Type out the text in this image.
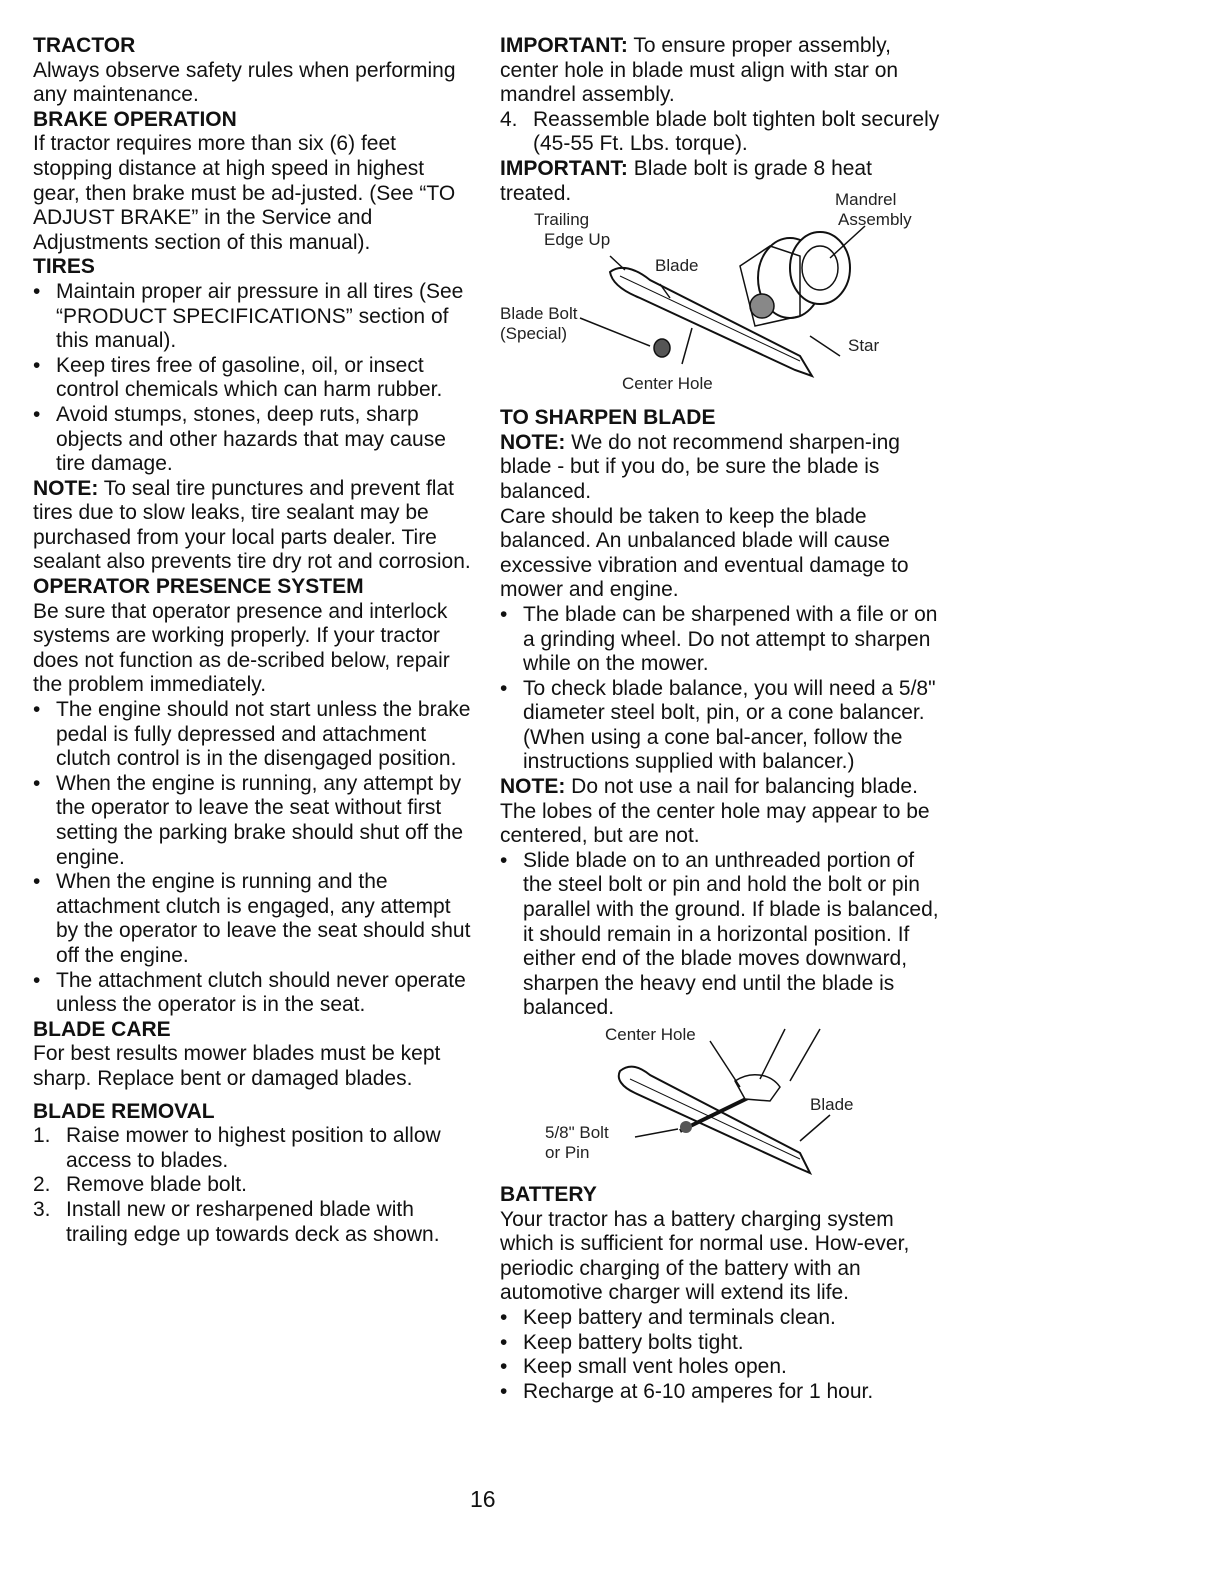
TRACTOR

Always observe safety rules when performing any maintenance.

BRAKE OPERATION

If tractor requires more than six (6) feet stopping distance at high speed in highest gear, then brake must be ad-justed. (See “TO ADJUST BRAKE” in the Service and Adjustments section of this manual).

TIRES
• Maintain proper air pressure in all tires (See “PRODUCT SPECIFICATIONS” section of this manual).
• Keep tires free of gasoline, oil, or insect control chemicals which can harm rubber.
• Avoid stumps, stones, deep ruts, sharp objects and other hazards that may cause tire damage.

NOTE: To seal tire punctures and prevent flat tires due to slow leaks, tire sealant may be purchased from your local parts dealer. Tire sealant also prevents tire dry rot and corrosion.

OPERATOR PRESENCE SYSTEM

Be sure that operator presence and interlock systems are working properly. If your tractor does not function as de-scribed below, repair the problem immediately.

• The engine should not start unless the brake pedal is fully depressed and attachment clutch control is in the disengaged position.
• When the engine is running, any attempt by the operator to leave the seat without first setting the parking brake should shut off the engine.
• When the engine is running and the attachment clutch is engaged, any attempt by the operator to leave the seat should shut off the engine.
• The attachment clutch should never operate unless the operator is in the seat.
BLADE CARE

For best results mower blades must be kept sharp. Replace bent or damaged blades.

BLADE REMOVAL
1. Raise mower to highest position to allow access to blades.
2. Remove blade bolt.
3. Install new or resharpened blade with trailing edge up towards deck as shown.

IMPORTANT: To ensure proper assembly, center hole in blade must align with star on mandrel assembly.

4. Reassemble blade bolt tighten bolt securely (45-55 Ft. Lbs. torque).

IMPORTANT: Blade bolt is grade 8 heat treated.

Trailing
Edge Up
Blade
Mandrel
Assembly
Blade Bolt
(Special)
Star
Center Hole
TO SHARPEN BLADE

NOTE: We do not recommend sharpen-ing blade - but if you do, be sure the blade is balanced.

Care should be taken to keep the blade balanced. An unbalanced blade will cause excessive vibration and eventual damage to mower and engine.

• The blade can be sharpened with a file or on a grinding wheel. Do not attempt to sharpen while on the mower.
• To check blade balance, you will need a 5/8" diameter steel bolt, pin, or a cone balancer. (When using a cone bal-ancer, follow the instructions supplied with balancer.)

NOTE: Do not use a nail for balancing blade. The lobes of the center hole may appear to be centered, but are not.

• Slide blade on to an unthreaded portion of the steel bolt or pin and hold the bolt or pin parallel with the ground. If blade is balanced, it should remain in a horizontal position. If either end of the blade moves downward, sharpen the heavy end until the blade is balanced.
Center Hole
Blade
5/8" Bolt
or Pin
BATTERY

Your tractor has a battery charging system which is sufficient for normal use. How-ever, periodic charging of the battery with an automotive charger will extend its life.

• Keep battery and terminals clean.
• Keep battery bolts tight.
• Keep small vent holes open.
• Recharge at 6-10 amperes for 1 hour.
16
